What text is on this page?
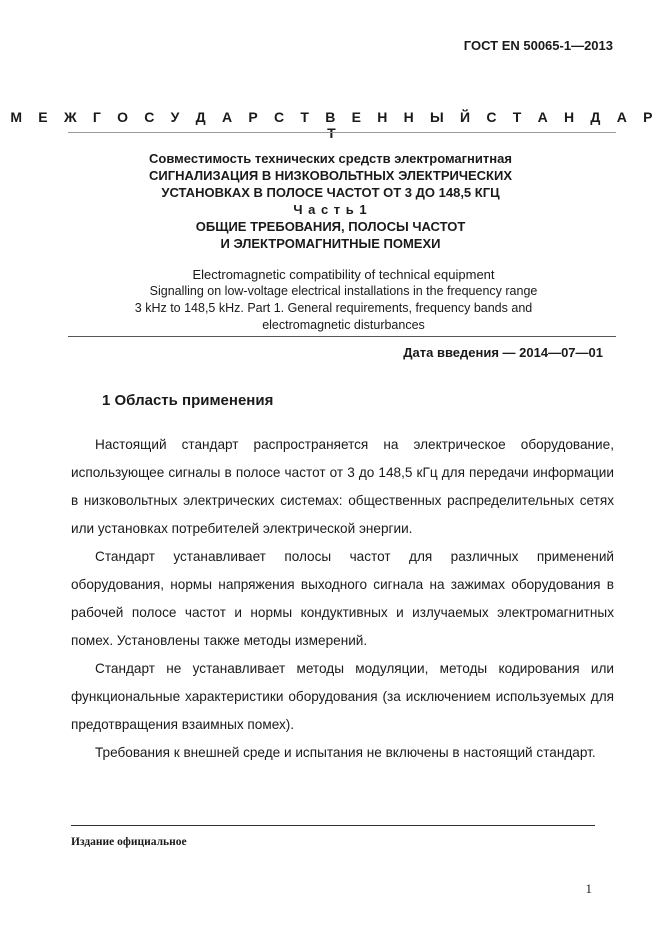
ГОСТ EN 50065-1—2013
М Е Ж Г О С У Д А Р С Т В Е Н Н Ы Й С Т А Н Д А Р Т
Совместимость технических средств электромагнитная
СИГНАЛИЗАЦИЯ В НИЗКОВОЛЬТНЫХ ЭЛЕКТРИЧЕСКИХ
УСТАНОВКАХ В ПОЛОСЕ ЧАСТОТ ОТ 3 ДО 148,5 КГЦ
Ч а с т ь 1
ОБЩИЕ ТРЕБОВАНИЯ, ПОЛОСЫ ЧАСТОТ
И ЭЛЕКТРОМАГНИТНЫЕ ПОМЕХИ
Electromagnetic compatibility of technical equipment
Signalling on low-voltage electrical installations in the frequency range
3 kHz to 148,5 kHz. Part 1. General requirements, frequency bands and
electromagnetic disturbances
Дата введения — 2014—07—01
1 Область применения

Настоящий стандарт распространяется на электрическое оборудование, использующее сигналы в полосе частот от 3 до 148,5 кГц для передачи информации в низковольтных электрических системах: общественных распределительных сетях или установках потребителей электрической энергии.

Стандарт устанавливает полосы частот для различных применений оборудования, нормы напряжения выходного сигнала на зажимах оборудования в рабочей полосе частот и нормы кондуктивных и излучаемых электромагнитных помех. Установлены также методы измерений.

Стандарт не устанавливает методы модуляции, методы кодирования или функциональные характеристики оборудования (за исключением используемых для предотвращения взаимных помех).

Требования к внешней среде и испытания не включены в настоящий стандарт.

Издание официальное
1
